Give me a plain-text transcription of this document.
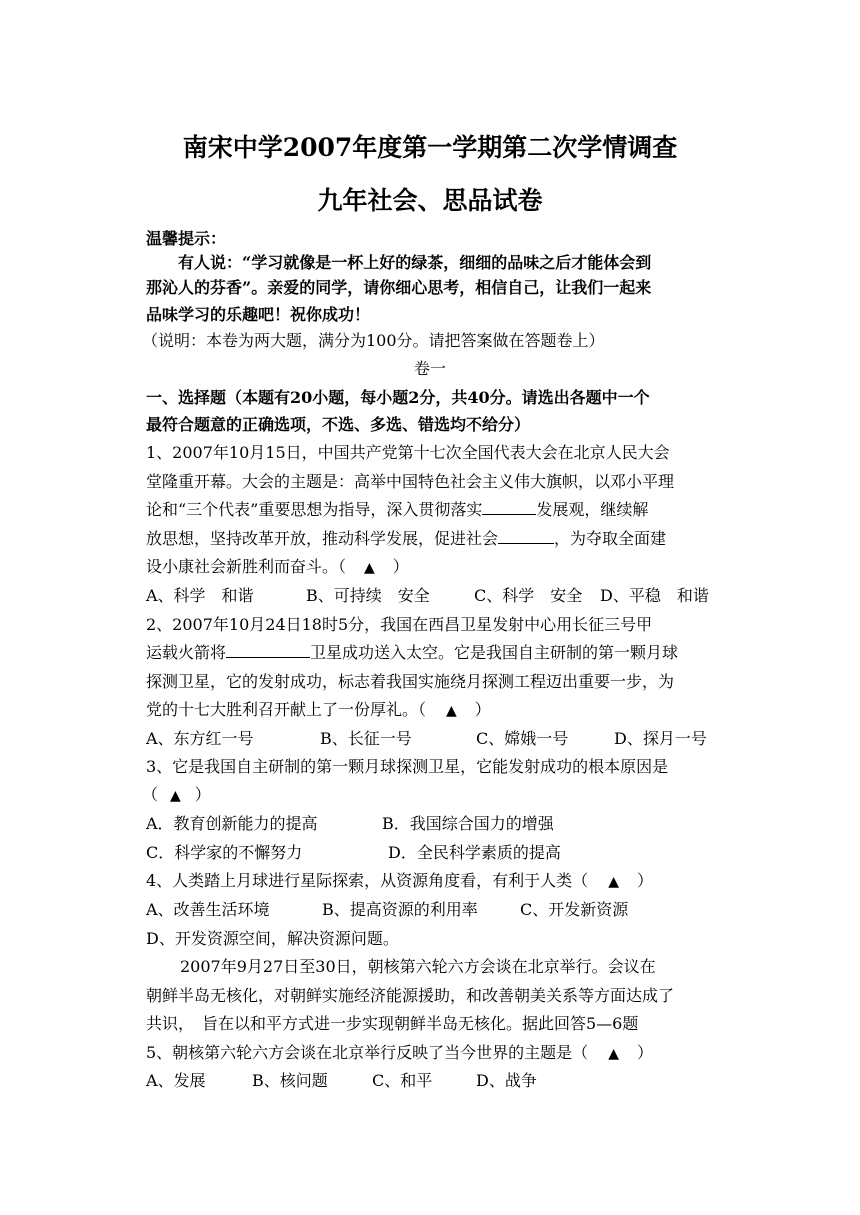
南宋中学2007年度第一学期第二次学情调查
九年社会、思品试卷
温馨提示：
有人说：“学习就像是一杯上好的绿茶，细细的品味之后才能体会到
那沁人的芬香”。亲爱的同学，请你细心思考，相信自己，让我们一起来
品味学习的乐趣吧！祝你成功！
（说明：本卷为两大题，满分为100分。请把答案做在答题卷上）
卷一
一、选择题（本题有20小题，每小题2分，共40分。请选出各题中一个
最符合题意的正确选项，不选、多选、错选均不给分）
1、2007年10月15日，中国共产党第十七次全国代表大会在北京人民大会
堂隆重开幕。大会的主题是：高举中国特色社会主义伟大旗帜，以邓小平理
论和“三个代表”重要思想为指导，深入贯彻落实	发展观，继续解
放思想，坚持改革开放，推动科学发展，促进社会	，为夺取全面建
设小康社会新胜利而奋斗。（ ▲ ）
A、科学　和谐	B、可持续　安全	C、科学　安全 D、平稳　和谐
2、2007年10月24日18时5分，我国在西昌卫星发射中心用长征三号甲
运载火箭将	卫星成功送入太空。它是我国自主研制的第一颗月球
探测卫星，它的发射成功，标志着我国实施绕月探测工程迈出重要一步，为
党的十七大胜利召开献上了一份厚礼。（ ▲ ）
A、东方红一号	B、长征一号	C、嫦娥一号	D、探月一号
3、它是我国自主研制的第一颗月球探测卫星，它能发射成功的根本原因是
（ ▲ ）
A．教育创新能力的提高	B．我国综合国力的增强
C．科学家的不懈努力	D．全民科学素质的提高
4、人类踏上月球进行星际探索，从资源角度看，有利于人类（ ▲ ）
A、改善生活环境	B、提高资源的利用率	C、开发新资源
D、开发资源空间，解决资源问题。
2007年9月27日至30日，朝核第六轮六方会谈在北京举行。会议在
朝鲜半岛无核化，对朝鲜实施经济能源援助，和改善朝美关系等方面达成了
共识，　旨在以和平方式进一步实现朝鲜半岛无核化。据此回答5—6题
5、朝核第六轮六方会谈在北京举行反映了当今世界的主题是（ ▲ ）
A、发展	B、核问题	C、和平	D、战争
